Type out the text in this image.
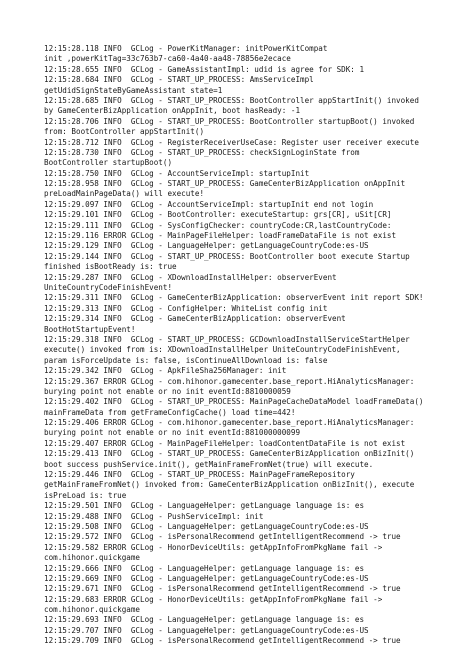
12:15:28.118 INFO  GCLog - PowerKitManager: initPowerKitCompat
init ,powerKitTag=33c763b7-ca60-4a40-aa48-78856e2ecace
12:15:28.655 INFO  GCLog - GameAssistantImpl: udid is agree for SDK: 1
12:15:28.684 INFO  GCLog - START_UP_PROCESS: AmsServiceImpl
getUdidSignStateByGameAssistant state=1
12:15:28.685 INFO  GCLog - START_UP_PROCESS: BootController appStartInit() invoked
by GameCenterBizApplication onAppInit, boot hasReady: -1
12:15:28.706 INFO  GCLog - START_UP_PROCESS: BootController startupBoot() invoked
from: BootController appStartInit()
12:15:28.712 INFO  GCLog - RegisterReceiverUseCase: Register user receiver execute
12:15:28.730 INFO  GCLog - START_UP_PROCESS: checkSignLoginState from
BootController startupBoot()
12:15:28.750 INFO  GCLog - AccountServiceImpl: startupInit
12:15:28.958 INFO  GCLog - START_UP_PROCESS: GameCenterBizApplication onAppInit
preLoadMainPageData() will execute!
12:15:29.097 INFO  GCLog - AccountServiceImpl: startupInit end not login
12:15:29.101 INFO  GCLog - BootController: executeStartup: grs[CR], uSit[CR]
12:15:29.111 INFO  GCLog - SysConfigChecker: countryCode:CR,lastCountryCode:
12:15:29.116 ERROR GCLog - MainPageFileHelper: loadFrameDataFile is not exist
12:15:29.129 INFO  GCLog - LanguageHelper: getLanguageCountryCode:es-US
12:15:29.144 INFO  GCLog - START_UP_PROCESS: BootController boot execute Startup
finished isBootReady is: true
12:15:29.287 INFO  GCLog - XDownloadInstallHelper: observerEvent
UniteCountryCodeFinishEvent!
12:15:29.311 INFO  GCLog - GameCenterBizApplication: observerEvent init report SDK!
12:15:29.313 INFO  GCLog - ConfigHelper: WhiteList config init
12:15:29.314 INFO  GCLog - GameCenterBizApplication: observerEvent
BootHotStartupEvent!
12:15:29.318 INFO  GCLog - START_UP_PROCESS: GCDownloadInstallServiceStartHelper
execute() invoked from is: XDownloadInstallHelper UniteCountryCodeFinishEvent,
param isForceUpdate is: false, isContinueAllDownload is: false
12:15:29.342 INFO  GCLog - ApkFileSha256Manager: init
12:15:29.367 ERROR GCLog - com.hihonor.gamecenter.base_report.HiAnalyticsManager:
burying point not enable or no init eventId:8810000059
12:15:29.402 INFO  GCLog - START_UP_PROCESS: MainPageCacheDataModel loadFrameData()
mainFrameData from getFrameConfigCache() load time=442!
12:15:29.406 ERROR GCLog - com.hihonor.gamecenter.base_report.HiAnalyticsManager:
burying point not enable or no init eventId:881000000099
12:15:29.407 ERROR GCLog - MainPageFileHelper: loadContentDataFile is not exist
12:15:29.413 INFO  GCLog - START_UP_PROCESS: GameCenterBizApplication onBizInit()
boot success pushService.init(), getMainFrameFromNet(true) will execute.
12:15:29.446 INFO  GCLog - START_UP_PROCESS: MainPageFrameRepository
getMainFrameFromNet() invoked from: GameCenterBizApplication onBizInit(), execute
isPreLoad is: true
12:15:29.501 INFO  GCLog - LanguageHelper: getLanguage language is: es
12:15:29.488 INFO  GCLog - PushServiceImpl: init
12:15:29.508 INFO  GCLog - LanguageHelper: getLanguageCountryCode:es-US
12:15:29.572 INFO  GCLog - isPersonalRecommend getIntelligentRecommend -> true
12:15:29.582 ERROR GCLog - HonorDeviceUtils: getAppInfoFromPkgName fail ->
com.hihonor.quickgame
12:15:29.666 INFO  GCLog - LanguageHelper: getLanguage language is: es
12:15:29.669 INFO  GCLog - LanguageHelper: getLanguageCountryCode:es-US
12:15:29.671 INFO  GCLog - isPersonalRecommend getIntelligentRecommend -> true
12:15:29.683 ERROR GCLog - HonorDeviceUtils: getAppInfoFromPkgName fail ->
com.hihonor.quickgame
12:15:29.693 INFO  GCLog - LanguageHelper: getLanguage language is: es
12:15:29.707 INFO  GCLog - LanguageHelper: getLanguageCountryCode:es-US
12:15:29.709 INFO  GCLog - isPersonalRecommend getIntelligentRecommend -> true
